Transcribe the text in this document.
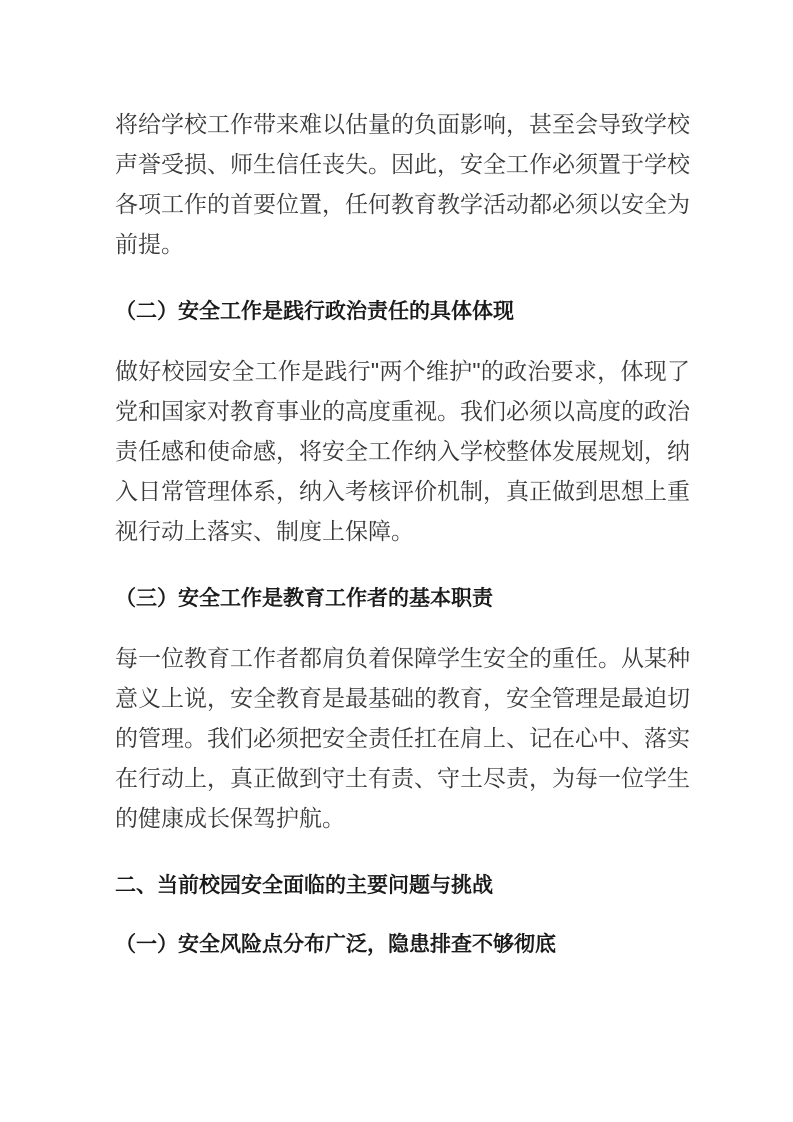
将给学校工作带来难以估量的负面影响，甚至会导致学校声誉受损、师生信任丧失。因此，安全工作必须置于学校各项工作的首要位置，任何教育教学活动都必须以安全为前提。

（二）安全工作是践行政治责任的具体体现

做好校园安全工作是践行"两个维护"的政治要求，体现了党和国家对教育事业的高度重视。我们必须以高度的政治责任感和使命感，将安全工作纳入学校整体发展规划，纳入日常管理体系，纳入考核评价机制，真正做到思想上重视行动上落实、制度上保障。

（三）安全工作是教育工作者的基本职责

每一位教育工作者都肩负着保障学生安全的重任。从某种意义上说，安全教育是最基础的教育，安全管理是最迫切的管理。我们必须把安全责任扛在肩上、记在心中、落实在行动上，真正做到守土有责、守土尽责，为每一位学生的健康成长保驾护航。

二、当前校园安全面临的主要问题与挑战
（一）安全风险点分布广泛，隐患排查不够彻底
